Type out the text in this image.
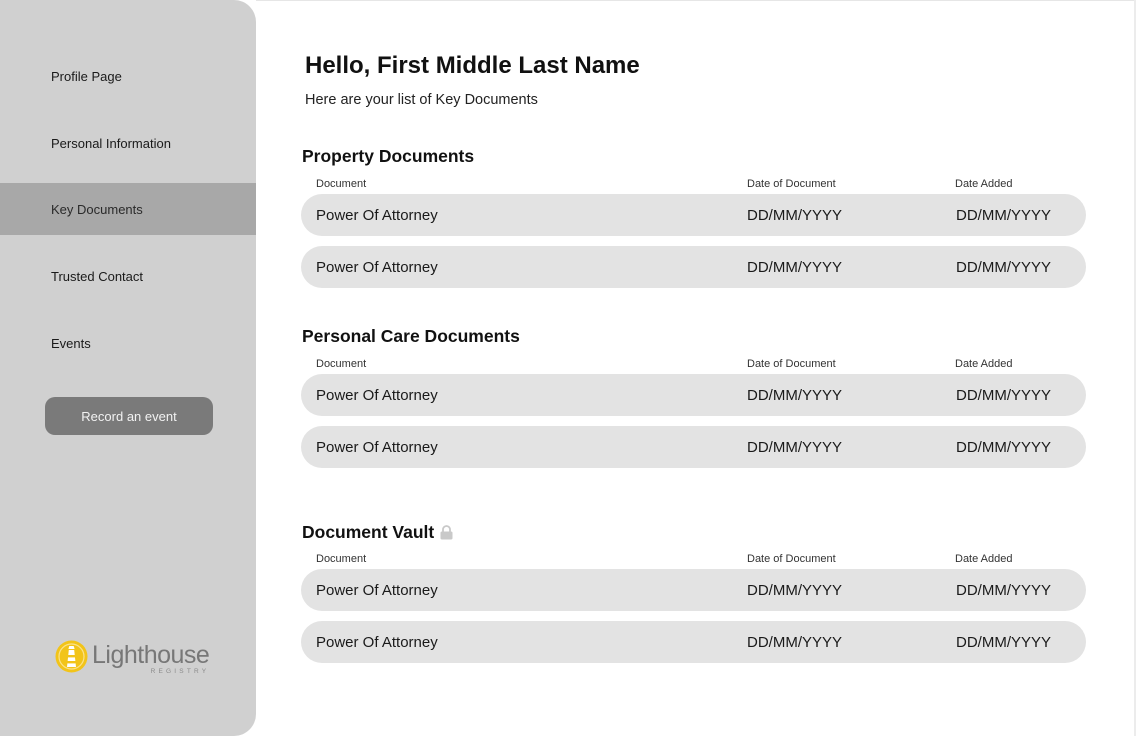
Profile Page
Personal Information
Key Documents
Trusted Contact
Events
Record an event
Lighthouse
REGISTRY
Hello, First Middle Last Name
Here are your list of Key Documents
Property Documents
Document	Date of Document	Date Added
Power Of Attorney	DD/MM/YYYY	DD/MM/YYYY
Power Of Attorney	DD/MM/YYYY	DD/MM/YYYY
Personal Care Documents
Document	Date of Document	Date Added
Power Of Attorney	DD/MM/YYYY	DD/MM/YYYY
Power Of Attorney	DD/MM/YYYY	DD/MM/YYYY
Document Vault
Document	Date of Document	Date Added
Power Of Attorney	DD/MM/YYYY	DD/MM/YYYY
Power Of Attorney	DD/MM/YYYY	DD/MM/YYYY
